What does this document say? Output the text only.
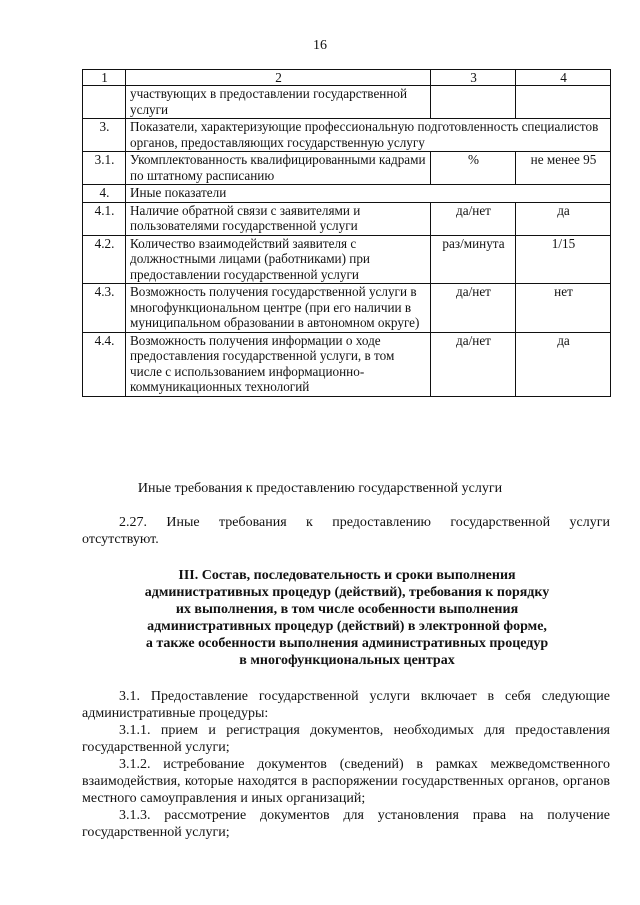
16
1	2	3	4
	участвующих в предоставлении государственной услуги		
3.	Показатели, характеризующие профессиональную подготовленность специалистов органов, предоставляющих государственную услугу		
3.1.	Укомплектованность квалифицированными кадрами по штатному расписанию	%	не менее 95
4.	Иные показатели		
4.1.	Наличие обратной связи с заявителями и пользователями государственной услуги	да/нет	да
4.2.	Количество взаимодействий заявителя с должностными лицами (работниками) при предоставлении государственной услуги	раз/минута	1/15
4.3.	Возможность получения государственной услуги в многофункциональном центре (при его наличии в муниципальном образовании в автономном округе)	да/нет	нет
4.4.	Возможность получения информации о ходе предоставления государственной услуги, в том числе с использованием информационно-коммуникационных технологий	да/нет	да
Иные требования к предоставлению государственной услуги
2.27. Иные требования к предоставлению государственной услуги
отсутствуют.
III. Состав, последовательность и сроки выполнения
административных процедур (действий), требования к порядку
их выполнения, в том числе особенности выполнения
административных процедур (действий) в электронной форме,
а также особенности выполнения административных процедур
в многофункциональных центрах
3.1. Предоставление государственной услуги включает в себя следующие
административные процедуры:
3.1.1. прием и регистрация документов, необходимых для предоставления
государственной услуги;
3.1.2. истребование документов (сведений) в рамках межведомственного
взаимодействия, которые находятся в распоряжении государственных органов, органов местного самоуправления и иных организаций;
3.1.3. рассмотрение документов для установления права на получение
государственной услуги;
